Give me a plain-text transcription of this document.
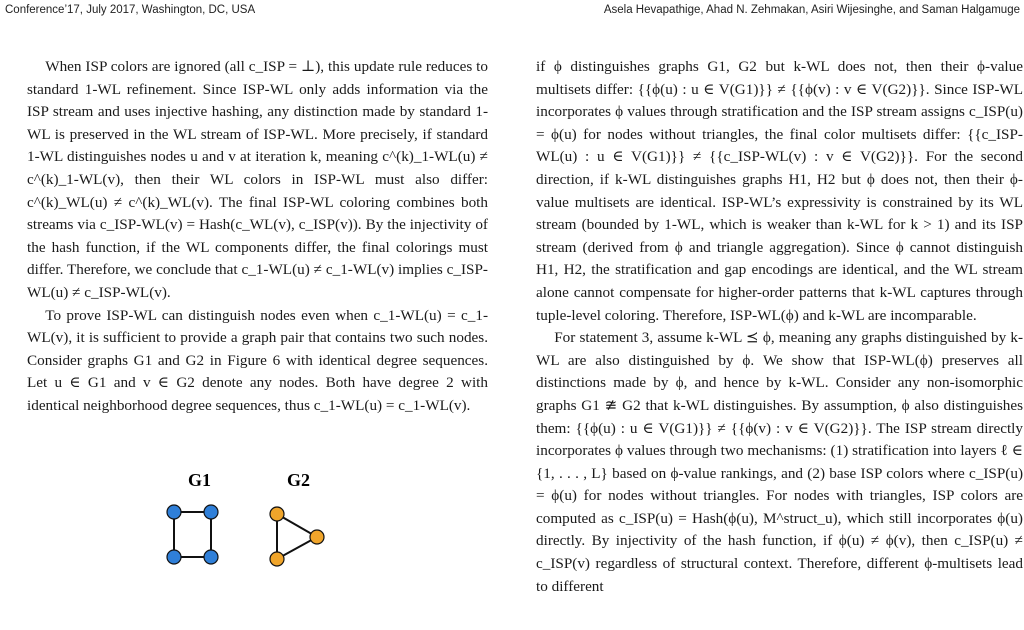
Conference’17, July 2017, Washington, DC, USA	Asela Hevapathige, Ahad N. Zehmakan, Asiri Wijesinghe, and Saman Halgamuge

When ISP colors are ignored (all c_ISP = ⊥), this update rule reduces to standard 1-WL refinement. Since ISP-WL only adds information via the ISP stream and uses injective hashing, any distinction made by standard 1-WL is preserved in the WL stream of ISP-WL. More precisely, if standard 1-WL distinguishes nodes u and v at iteration k, meaning c^(k)_1-WL(u) ≠ c^(k)_1-WL(v), then their WL colors in ISP-WL must also differ: c^(k)_WL(u) ≠ c^(k)_WL(v). The final ISP-WL coloring combines both streams via c_ISP-WL(v) = Hash(c_WL(v), c_ISP(v)). By the injectivity of the hash function, if the WL components differ, the final colorings must differ. Therefore, we conclude that c_1-WL(u) ≠ c_1-WL(v) implies c_ISP-WL(u) ≠ c_ISP-WL(v).

To prove ISP-WL can distinguish nodes even when c_1-WL(u) = c_1-WL(v), it is sufficient to provide a graph pair that contains two such nodes. Consider graphs G1 and G2 in Figure 6 with identical degree sequences. Let u ∈ G1 and v ∈ G2 denote any nodes. Both have degree 2 with identical neighborhood degree sequences, thus c_1-WL(u) = c_1-WL(v).

G1	G2

if ϕ distinguishes graphs G1, G2 but k-WL does not, then their ϕ-value multisets differ: {{ϕ(u) : u ∈ V(G1)}} ≠ {{ϕ(v) : v ∈ V(G2)}}. Since ISP-WL incorporates ϕ values through stratification and the ISP stream assigns c_ISP(u) = ϕ(u) for nodes without triangles, the final color multisets differ: {{c_ISP-WL(u) : u ∈ V(G1)}} ≠ {{c_ISP-WL(v) : v ∈ V(G2)}}. For the second direction, if k-WL distinguishes graphs H1, H2 but ϕ does not, then their ϕ-value multisets are identical. ISP-WL’s expressivity is constrained by its WL stream (bounded by 1-WL, which is weaker than k-WL for k > 1) and its ISP stream (derived from ϕ and triangle aggregation). Since ϕ cannot distinguish H1, H2, the stratification and gap encodings are identical, and the WL stream alone cannot compensate for higher-order patterns that k-WL captures through tuple-level coloring. Therefore, ISP-WL(ϕ) and k-WL are incomparable.

For statement 3, assume k-WL ⪯ ϕ, meaning any graphs distinguished by k-WL are also distinguished by ϕ. We show that ISP-WL(ϕ) preserves all distinctions made by ϕ, and hence by k-WL. Consider any non-isomorphic graphs G1 ≇ G2 that k-WL distinguishes. By assumption, ϕ also distinguishes them: {{ϕ(u) : u ∈ V(G1)}} ≠ {{ϕ(v) : v ∈ V(G2)}}. The ISP stream directly incorporates ϕ values through two mechanisms: (1) stratification into layers ℓ ∈ {1, . . . , L} based on ϕ-value rankings, and (2) base ISP colors where c_ISP(u) = ϕ(u) for nodes without triangles. For nodes with triangles, ISP colors are computed as c_ISP(u) = Hash(ϕ(u), M^struct_u), which still incorporates ϕ(u) directly. By injectivity of the hash function, if ϕ(u) ≠ ϕ(v), then c_ISP(u) ≠ c_ISP(v) regardless of structural context. Therefore, different ϕ-multisets lead to different
